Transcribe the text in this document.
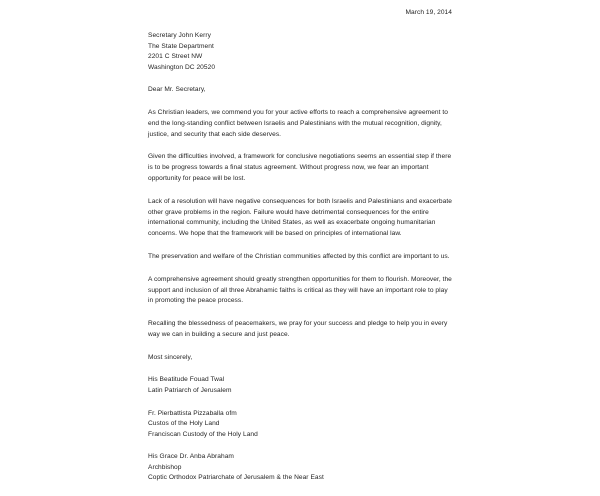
March 19, 2014
Secretary John Kerry
The State Department
2201 C Street NW
Washington DC 20520
Dear Mr. Secretary,
As Christian leaders, we commend you for your active efforts to reach a comprehensive agreement to end the long-standing conflict between Israelis and Palestinians with the mutual recognition, dignity, justice, and security that each side deserves.
Given the difficulties involved, a framework for conclusive negotiations seems an essential step if there is to be progress towards a final status agreement. Without progress now, we fear an important opportunity for peace will be lost.
Lack of a resolution will have negative consequences for both Israelis and Palestinians and exacerbate other grave problems in the region. Failure would have detrimental consequences for the entire international community, including the United States, as well as exacerbate ongoing humanitarian concerns. We hope that the framework will be based on principles of international law.
The preservation and welfare of the Christian communities affected by this conflict are important to us.
A comprehensive agreement should greatly strengthen opportunities for them to flourish. Moreover, the support and inclusion of all three Abrahamic faiths is critical as they will have an important role to play in promoting the peace process.
Recalling the blessedness of peacemakers, we pray for your success and pledge to help you in every way we can in building a secure and just peace.
Most sincerely,
His Beatitude Fouad Twal
Latin Patriarch of Jerusalem
Fr. Pierbattista Pizzaballa ofm
Custos of the Holy Land
Franciscan Custody of the Holy Land
His Grace Dr. Anba Abraham
Archbishop
Coptic Orthodox Patriarchate of Jerusalem & the Near East
